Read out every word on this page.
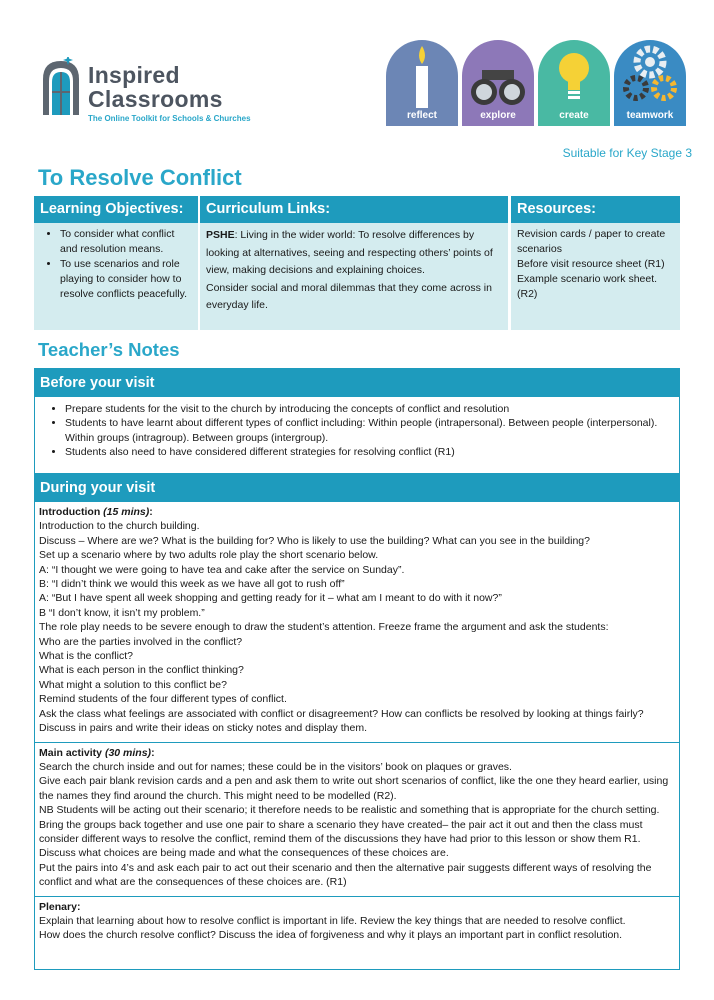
Inspired
Classrooms
The Online Toolkit for Schools & Churches	reflect	explore	create	teamwork
Suitable for Key Stage 3
To Resolve Conflict
Learning Objectives:
• To consider what conflict and resolution means.
• To use scenarios and role playing to consider how to resolve conflicts peacefully.
Curriculum Links:
PSHE: Living in the wider world: To resolve differences by looking at alternatives, seeing and respecting others’ points of view, making decisions and explaining choices.
Consider social and moral dilemmas that they come across in everyday life.
Resources:
Revision cards / paper to create scenarios
Before visit resource sheet (R1)
Example scenario work sheet. (R2)
Teacher’s Notes
Before your visit
• Prepare students for the visit to the church by introducing the concepts of conflict and resolution
• Students to have learnt about different types of conflict including: Within people (intrapersonal). Between people (interpersonal). Within groups (intragroup). Between groups (intergroup).
• Students also need to have considered different strategies for resolving conflict (R1)
During your visit

Introduction (15 mins):

Introduction to the church building.

Discuss – Where are we? What is the building for? Who is likely to use the building? What can you see in the building?

Set up a scenario where by two adults role play the short scenario below.

A: “I thought we were going to have tea and cake after the service on Sunday”.

B: “I didn’t think we would this week as we have all got to rush off”

A: “But I have spent all week shopping and getting ready for it – what am I meant to do with it now?”

B “I don’t know, it isn’t my problem.”

The role play needs to be severe enough to draw the student’s attention. Freeze frame the argument and ask the students:

Who are the parties involved in the conflict?

What is the conflict?

What is each person in the conflict thinking?

What might a solution to this conflict be?

Remind students of the four different types of conflict.

Ask the class what feelings are associated with conflict or disagreement? How can conflicts be resolved by looking at things fairly?

Discuss in pairs and write their ideas on sticky notes and display them.

Main activity (30 mins):

Search the church inside and out for names; these could be in the visitors’ book on plaques or graves.

Give each pair blank revision cards and a pen and ask them to write out short scenarios of conflict, like the one they heard earlier, using the names they find around the church. This might need to be modelled (R2).

NB Students will be acting out their scenario; it therefore needs to be realistic and something that is appropriate for the church setting.

Bring the groups back together and use one pair to share a scenario they have created– the pair act it out and then the class must consider different ways to resolve the conflict, remind them of the discussions they have had prior to this lesson or show them R1.

Discuss what choices are being made and what the consequences of these choices are.

Put the pairs into 4’s and ask each pair to act out their scenario and then the alternative pair suggests different ways of resolving the conflict and what are the consequences of these choices are. (R1)

Plenary:

Explain that learning about how to resolve conflict is important in life. Review the key things that are needed to resolve conflict.

How does the church resolve conflict? Discuss the idea of forgiveness and why it plays an important part in conflict resolution.
